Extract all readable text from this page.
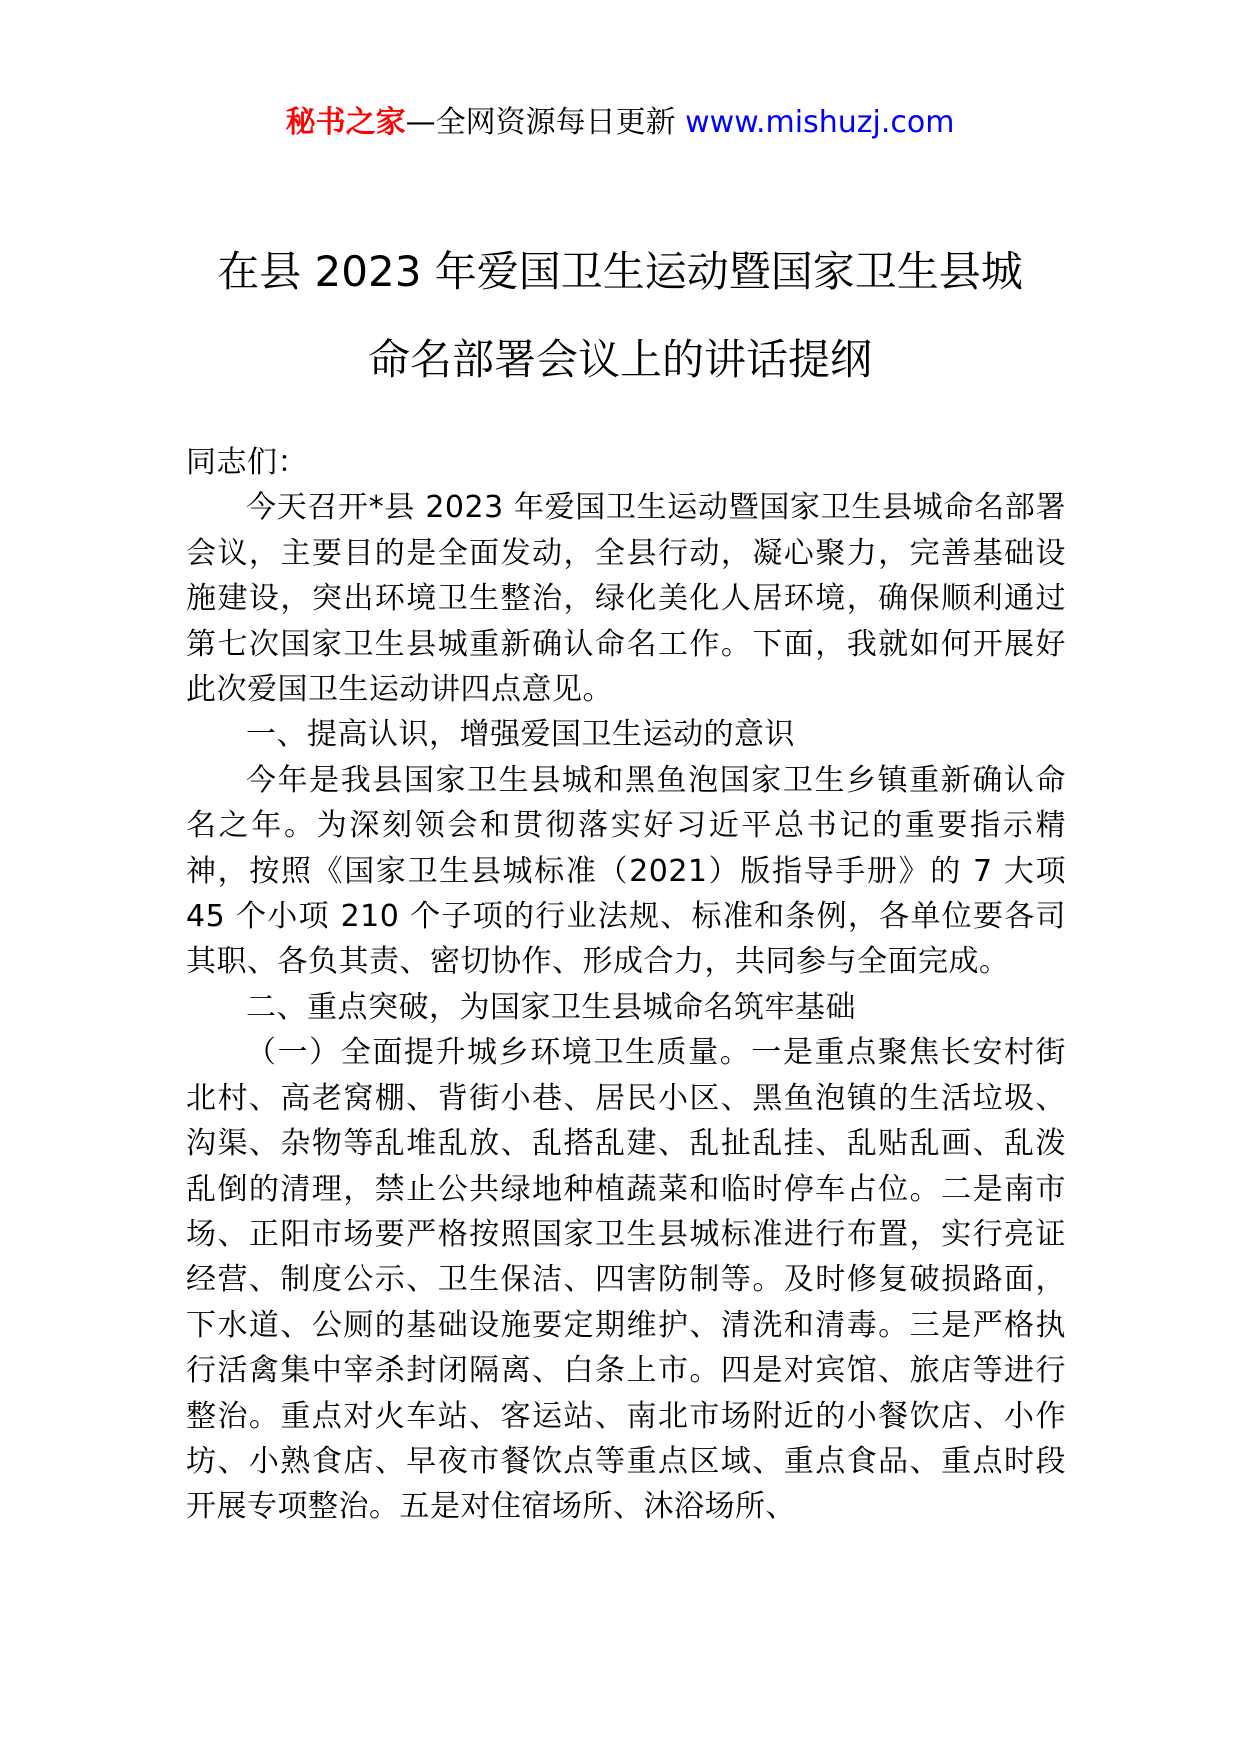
秘书之家—全网资源每日更新 www.mishuzj.com
在县 2023 年爱国卫生运动暨国家卫生县城
命名部署会议上的讲话提纲

同志们：

今天召开*县 2023 年爱国卫生运动暨国家卫生县城命名部署会议，主要目的是全面发动，全县行动，凝心聚力，完善基础设施建设，突出环境卫生整治，绿化美化人居环境，确保顺利通过第七次国家卫生县城重新确认命名工作。下面，我就如何开展好此次爱国卫生运动讲四点意见。

一、提高认识，增强爱国卫生运动的意识

今年是我县国家卫生县城和黑鱼泡国家卫生乡镇重新确认命名之年。为深刻领会和贯彻落实好习近平总书记的重要指示精神，按照《国家卫生县城标准（2021）版指导手册》的 7 大项 45 个小项 210 个子项的行业法规、标准和条例，各单位要各司其职、各负其责、密切协作、形成合力，共同参与全面完成。

二、重点突破，为国家卫生县城命名筑牢基础

（一）全面提升城乡环境卫生质量。一是重点聚焦长安村街北村、高老窝棚、背街小巷、居民小区、黑鱼泡镇的生活垃圾、沟渠、杂物等乱堆乱放、乱搭乱建、乱扯乱挂、乱贴乱画、乱泼乱倒的清理，禁止公共绿地种植蔬菜和临时停车占位。二是南市场、正阳市场要严格按照国家卫生县城标准进行布置，实行亮证经营、制度公示、卫生保洁、四害防制等。及时修复破损路面，下水道、公厕的基础设施要定期维护、清洗和清毒。三是严格执行活禽集中宰杀封闭隔离、白条上市。四是对宾馆、旅店等进行整治。重点对火车站、客运站、南北市场附近的小餐饮店、小作坊、小熟食店、早夜市餐饮点等重点区域、重点食品、重点时段开展专项整治。五是对住宿场所、沐浴场所、
